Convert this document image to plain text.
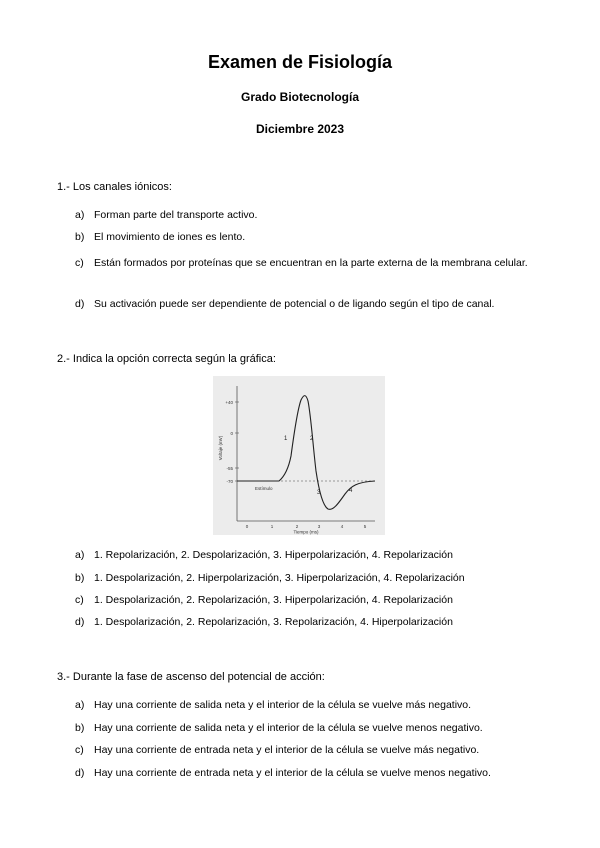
Examen de Fisiología
Grado Biotecnología
Diciembre 2023
1.- Los canales iónicos:
a) Forman parte del transporte activo.
b) El movimiento de iones es lento.
c) Están formados por proteínas que se encuentran en la parte externa de la membrana celular.
d) Su activación puede ser dependiente de potencial o de ligando según el tipo de canal.
2.- Indica la opción correcta según la gráfica:
+40
0
-55
-70
Voltaje (mV)
0	1	2	3	4	5
Tiempo (ms)
1	2
3	4
Estímulo
a) 1. Repolarización, 2. Despolarización, 3. Hiperpolarización, 4. Repolarización
b) 1. Despolarización, 2. Hiperpolarización, 3. Hiperpolarización, 4. Repolarización
c) 1. Despolarización, 2. Repolarización, 3. Hiperpolarización, 4. Repolarización
d) 1. Despolarización, 2. Repolarización, 3. Repolarización, 4. Hiperpolarización
3.- Durante la fase de ascenso del potencial de acción:
a) Hay una corriente de salida neta y el interior de la célula se vuelve más negativo.
b) Hay una corriente de salida neta y el interior de la célula se vuelve menos negativo.
c) Hay una corriente de entrada neta y el interior de la célula se vuelve más negativo.
d) Hay una corriente de entrada neta y el interior de la célula se vuelve menos negativo.
